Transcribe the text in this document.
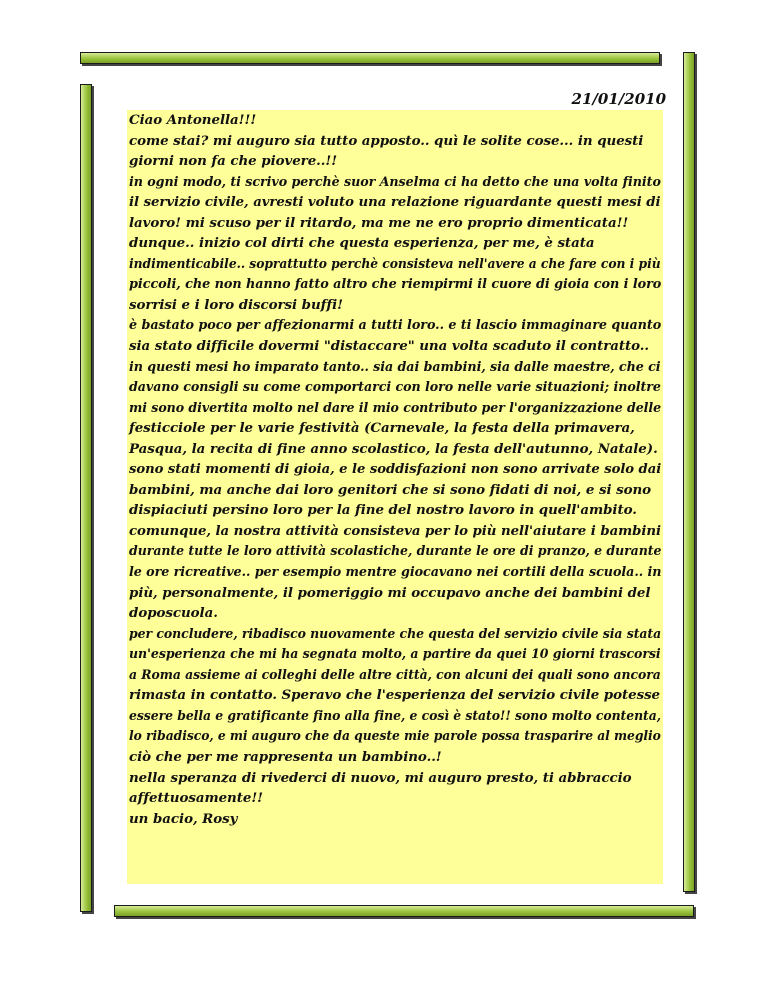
21/01/2010
Ciao Antonella!!!
come stai? mi auguro sia tutto apposto.. quì le solite cose... in questi
giorni non fa che piovere..!!
in ogni modo, ti scrivo perchè suor Anselma ci ha detto che una volta finito
il servizio civile, avresti voluto una relazione riguardante questi mesi di
lavoro! mi scuso per il ritardo, ma me ne ero proprio dimenticata!!
dunque.. inizio col dirti che questa esperienza, per me, è stata
indimenticabile.. soprattutto perchè consisteva nell'avere a che fare con i più
piccoli, che non hanno fatto altro che riempirmi il cuore di gioia con i loro
sorrisi e i loro discorsi buffi!
è bastato poco per affezionarmi a tutti loro.. e ti lascio immaginare quanto
sia stato difficile dovermi "distaccare" una volta scaduto il contratto..
in questi mesi ho imparato tanto.. sia dai bambini, sia dalle maestre, che ci
davano consigli su come comportarci con loro nelle varie situazioni; inoltre
mi sono divertita molto nel dare il mio contributo per l'organizzazione delle
festicciole per le varie festività (Carnevale, la festa della primavera,
Pasqua, la recita di fine anno scolastico, la festa dell'autunno, Natale).
sono stati momenti di gioia, e le soddisfazioni non sono arrivate solo dai
bambini, ma anche dai loro genitori che si sono fidati di noi, e si sono
dispiaciuti persino loro per la fine del nostro lavoro in quell'ambito.
comunque, la nostra attività consisteva per lo più nell'aiutare i bambini
durante tutte le loro attività scolastiche, durante le ore di pranzo, e durante
le ore ricreative.. per esempio mentre giocavano nei cortili della scuola.. in
più, personalmente, il pomeriggio mi occupavo anche dei bambini del
doposcuola.
per concludere, ribadisco nuovamente che questa del servizio civile sia stata
un'esperienza che mi ha segnata molto, a partire da quei 10 giorni trascorsi
a Roma assieme ai colleghi delle altre città, con alcuni dei quali sono ancora
rimasta in contatto. Speravo che l'esperienza del servizio civile potesse
essere bella e gratificante fino alla fine, e così è stato!! sono molto contenta,
lo ribadisco, e mi auguro che da queste mie parole possa trasparire al meglio
ciò che per me rappresenta un bambino..!
nella speranza di rivederci di nuovo, mi auguro presto, ti abbraccio
affettuosamente!!
un bacio, Rosy
